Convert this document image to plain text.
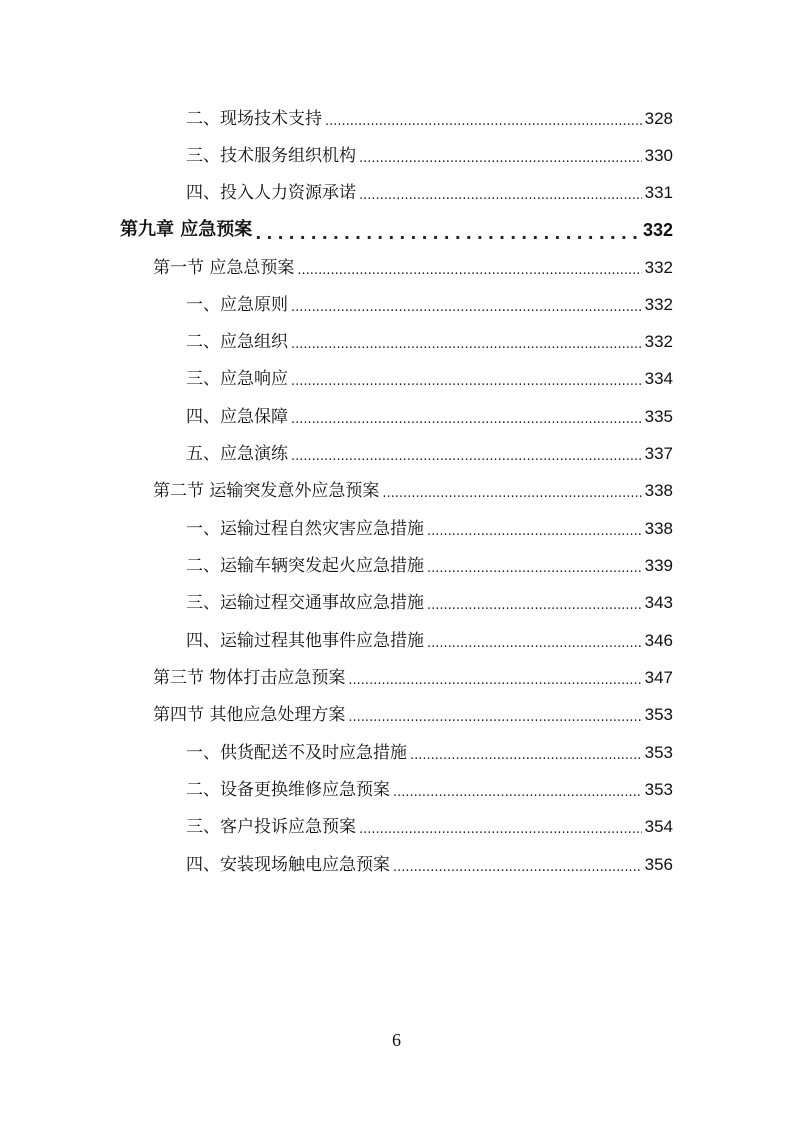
二、现场技术支持 .....	328
三、技术服务组织机构 .....	330
四、投入人力资源承诺 .....	331
第九章 应急预案 .....	332
第一节 应急总预案 .....	332
一、应急原则 .....	332
二、应急组织 .....	332
三、应急响应 .....	334
四、应急保障 .....	335
五、应急演练 .....	337
第二节 运输突发意外应急预案 .....	338
一、运输过程自然灾害应急措施 .....	338
二、运输车辆突发起火应急措施 .....	339
三、运输过程交通事故应急措施 .....	343
四、运输过程其他事件应急措施 .....	346
第三节 物体打击应急预案 .....	347
第四节 其他应急处理方案 .....	353
一、供货配送不及时应急措施 .....	353
二、设备更换维修应急预案 .....	353
三、客户投诉应急预案 .....	354
四、安装现场触电应急预案 .....	356
6
